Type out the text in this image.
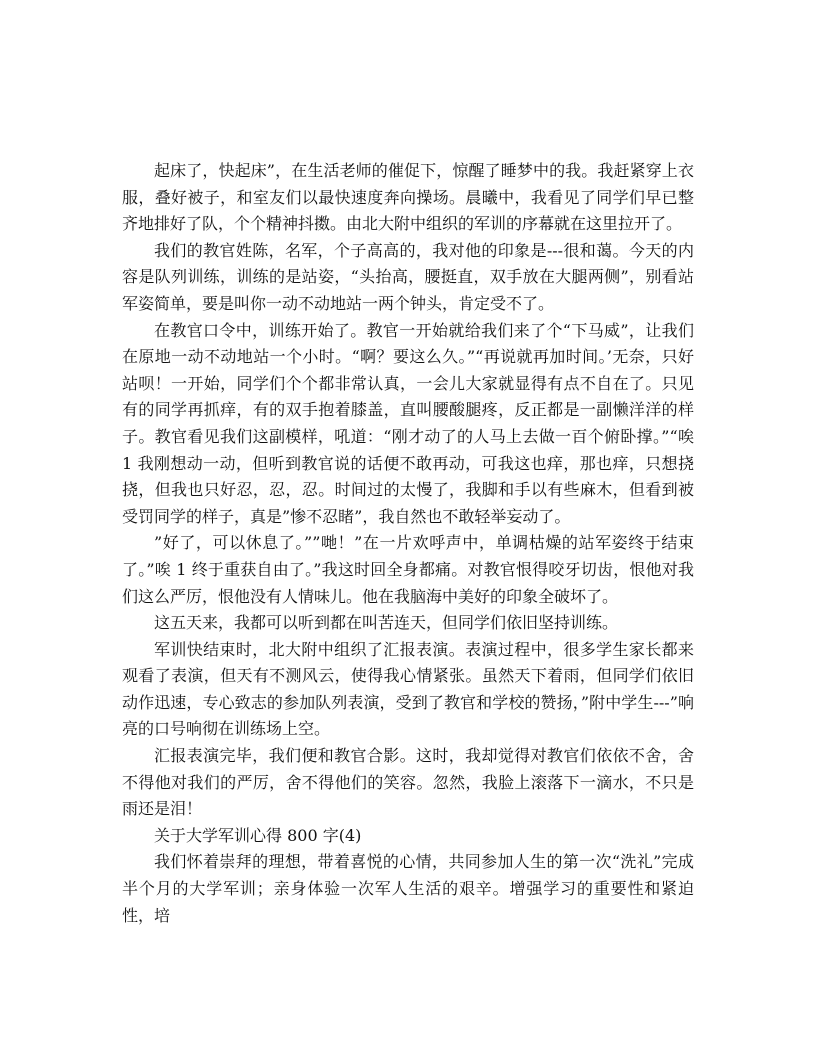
起床了，快起床”，在生活老师的催促下，惊醒了睡梦中的我。我赶紧穿上衣服，叠好被子，和室友们以最快速度奔向操场。晨曦中，我看见了同学们早已整齐地排好了队，个个精神抖擞。由北大附中组织的军训的序幕就在这里拉开了。

我们的教官姓陈，名军，个子高高的，我对他的印象是---很和蔼。今天的内容是队列训练，训练的是站姿，“头抬高，腰挺直，双手放在大腿两侧”，别看站军姿简单，要是叫你一动不动地站一两个钟头，肯定受不了。

在教官口令中，训练开始了。教官一开始就给我们来了个“下马威”，让我们在原地一动不动地站一个小时。“啊？要这么久。”“再说就再加时间。’无奈，只好站呗！一开始，同学们个个都非常认真，一会儿大家就显得有点不自在了。只见有的同学再抓痒，有的双手抱着膝盖，直叫腰酸腿疼，反正都是一副懒洋洋的样子。教官看见我们这副模样，吼道：“刚才动了的人马上去做一百个俯卧撑。”“唉 1 我刚想动一动，但听到教官说的话便不敢再动，可我这也痒，那也痒，只想挠挠，但我也只好忍，忍，忍。时间过的太慢了，我脚和手以有些麻木，但看到被受罚同学的样子，真是”惨不忍睹”，我自然也不敢轻举妄动了。

”好了，可以休息了。””哋！”在一片欢呼声中，单调枯燥的站军姿终于结束了。”唉 1 终于重获自由了。”我这时回全身都痛。对教官恨得咬牙切齿，恨他对我们这么严厉，恨他没有人情味儿。他在我脑海中美好的印象全破坏了。

这五天来，我都可以听到都在叫苦连天，但同学们依旧坚持训练。

军训快结束时，北大附中组织了汇报表演。表演过程中，很多学生家长都来观看了表演，但天有不测风云，使得我心情紧张。虽然天下着雨，但同学们依旧动作迅速，专心致志的参加队列表演，受到了教官和学校的赞扬，”附中学生---”响亮的口号响彻在训练场上空。

汇报表演完毕，我们便和教官合影。这时，我却觉得对教官们依依不舍，舍不得他对我们的严厉，舍不得他们的笑容。忽然，我脸上滚落下一滴水，不只是雨还是泪！

关于大学军训心得 800 字(4)

我们怀着崇拜的理想，带着喜悦的心情，共同参加人生的第一次“洗礼”完成半个月的大学军训；亲身体验一次军人生活的艰辛。增强学习的重要性和紧迫性，培
